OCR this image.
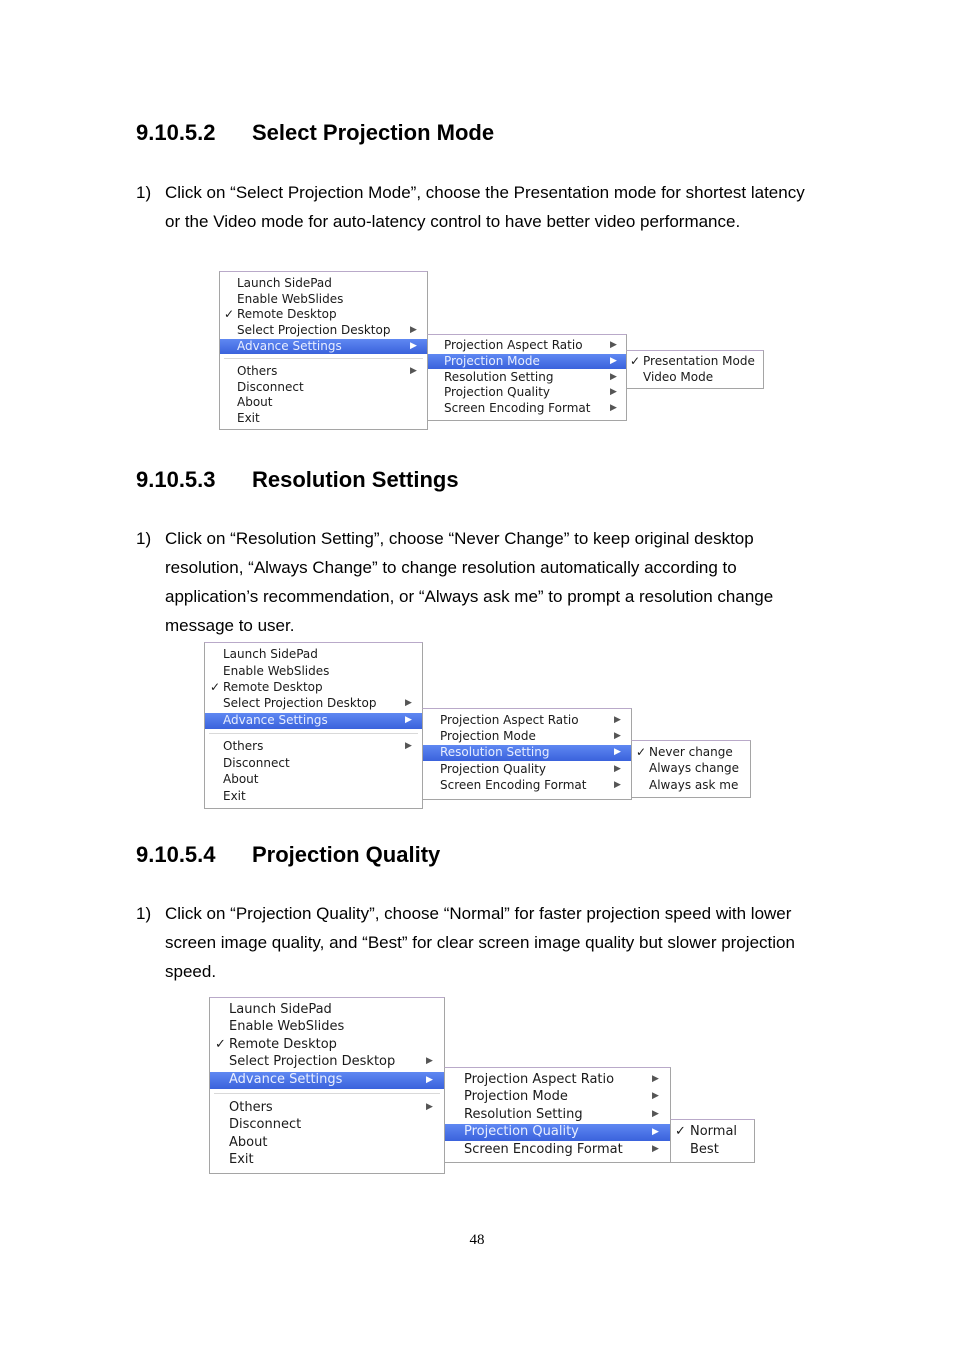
9.10.5.2 Select Projection Mode
1) Click on “Select Projection Mode”, choose the Presentation mode for shortest latency or the Video mode for auto-latency control to have better video performance.
Launch SidePad
Enable WebSlides
✓ Remote Desktop
Select Projection Desktop ▶
Advance Settings	▶
Others	▶
Disconnect
About
Exit
Projection Aspect Ratio	▶
Projection Mode	▶
Resolution Setting	▶
Projection Quality	▶
Screen Encoding Format ▶
✓ Presentation Mode
Video Mode
9.10.5.3 Resolution Settings
1) Click on “Resolution Setting”, choose “Never Change” to keep original desktop resolution, “Always Change” to change resolution automatically according to application’s recommendation, or “Always ask me” to prompt a resolution change message to user.
Launch SidePad
Enable WebSlides
✓ Remote Desktop
Select Projection Desktop	▶
Advance Settings	▶
Others	▶
Disconnect
About
Exit
Projection Aspect Ratio	▶
Projection Mode	▶
Resolution Setting	▶
Projection Quality	▶
Screen Encoding Format	▶
✓ Never change
Always change
Always ask me
9.10.5.4 Projection Quality
1) Click on “Projection Quality”, choose “Normal” for faster projection speed with lower screen image quality, and “Best” for clear screen image quality but slower projection speed.
Launch SidePad
Enable WebSlides
✓ Remote Desktop
Select Projection Desktop	▶
Advance Settings	▶
Others	▶
Disconnect
About
Exit
Projection Aspect Ratio	▶
Projection Mode	▶
Resolution Setting	▶
Projection Quality	▶
Screen Encoding Format	▶
✓ Normal
Best
48
